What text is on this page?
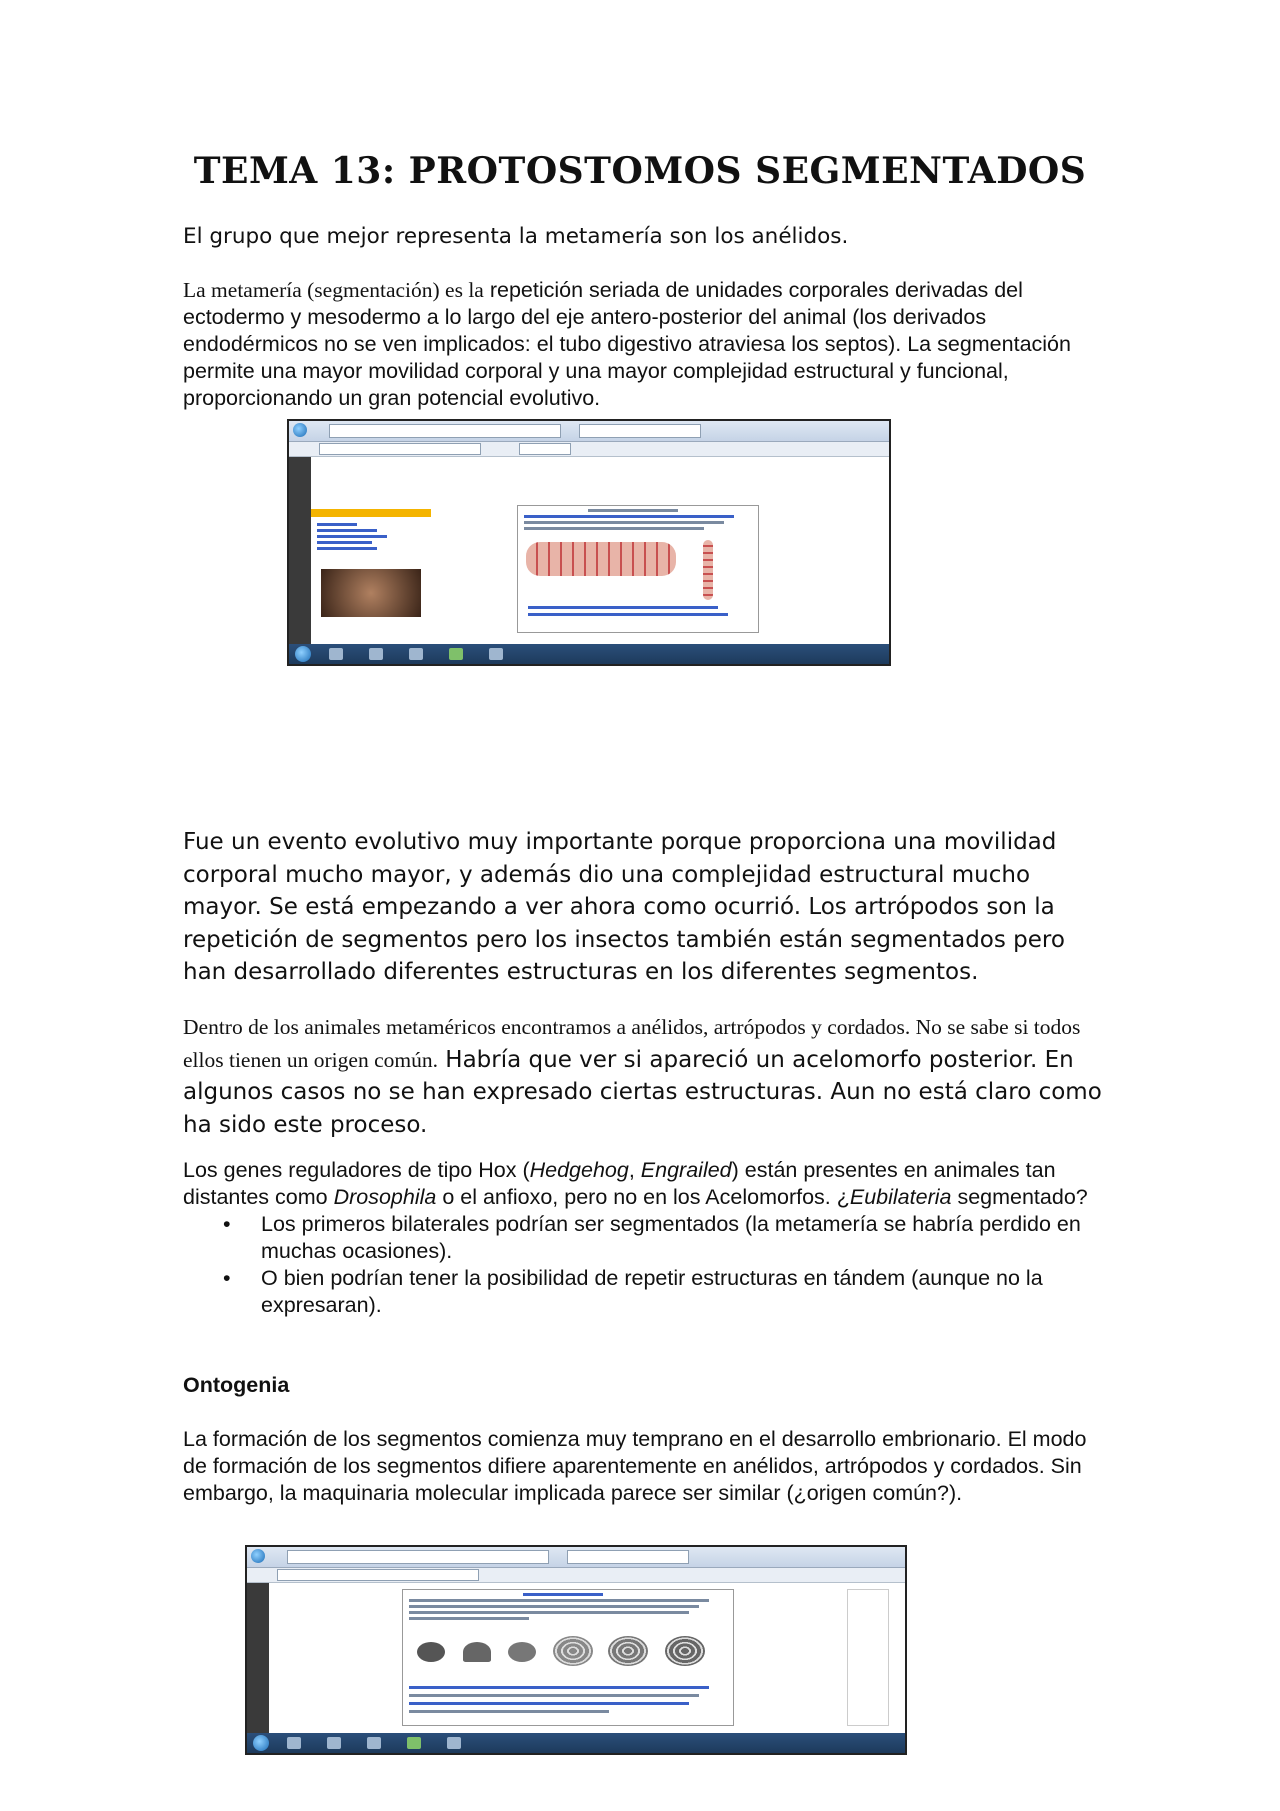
TEMA 13: PROTOSTOMOS SEGMENTADOS
El grupo que mejor representa la metamería son los anélidos.
La metamería (segmentación) es la repetición seriada de unidades corporales derivadas del ectodermo y mesodermo a lo largo del eje antero-posterior del animal (los derivados endodérmicos no se ven implicados: el tubo digestivo atraviesa los septos). La segmentación permite una mayor movilidad corporal y una mayor complejidad estructural y funcional, proporcionando un gran potencial evolutivo.
Fue un evento evolutivo muy importante porque proporciona una movilidad corporal mucho mayor, y además dio una complejidad estructural mucho mayor. Se está empezando a ver ahora como ocurrió. Los artrópodos son la repetición de segmentos pero los insectos también están segmentados pero han desarrollado diferentes estructuras en los diferentes segmentos.
Dentro de los animales metaméricos encontramos a anélidos, artrópodos y cordados. No se sabe si todos ellos tienen un origen común. Habría que ver si apareció un acelomorfo posterior. En algunos casos no se han expresado ciertas estructuras. Aun no está claro como ha sido este proceso.
Los genes reguladores de tipo Hox (Hedgehog, Engrailed) están presentes en animales tan distantes como Drosophila o el anfioxo, pero no en los Acelomorfos. ¿Eubilateria segmentado?
• Los primeros bilaterales podrían ser segmentados (la metamería se habría perdido en muchas ocasiones).
• O bien podrían tener la posibilidad de repetir estructuras en tándem (aunque no la expresaran).
Ontogenia
La formación de los segmentos comienza muy temprano en el desarrollo embrionario. El modo de formación de los segmentos difiere aparentemente en anélidos, artrópodos y cordados. Sin embargo, la maquinaria molecular implicada parece ser similar (¿origen común?).
